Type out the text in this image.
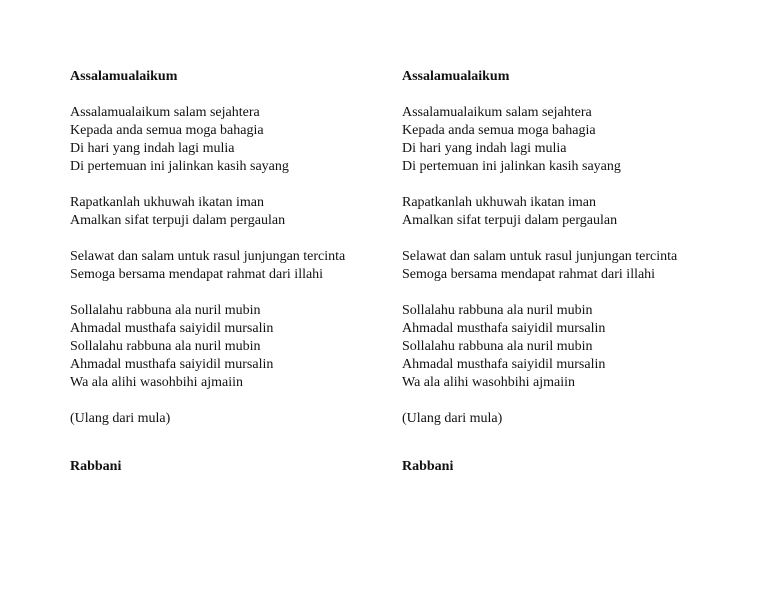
Assalamualaikum
Assalamualaikum salam sejahtera
Kepada anda semua moga bahagia
Di hari yang indah lagi mulia
Di pertemuan ini jalinkan kasih sayang
Rapatkanlah ukhuwah ikatan iman
Amalkan sifat terpuji dalam pergaulan
Selawat dan salam untuk rasul junjungan tercinta
Semoga bersama mendapat rahmat dari illahi
Sollalahu rabbuna ala nuril mubin
Ahmadal musthafa saiyidil mursalin
Sollalahu rabbuna ala nuril mubin
Ahmadal musthafa saiyidil mursalin
Wa ala alihi wasohbihi ajmaiin
(Ulang dari mula)
Rabbani
Assalamualaikum
Assalamualaikum salam sejahtera
Kepada anda semua moga bahagia
Di hari yang indah lagi mulia
Di pertemuan ini jalinkan kasih sayang
Rapatkanlah ukhuwah ikatan iman
Amalkan sifat terpuji dalam pergaulan
Selawat dan salam untuk rasul junjungan tercinta
Semoga bersama mendapat rahmat dari illahi
Sollalahu rabbuna ala nuril mubin
Ahmadal musthafa saiyidil mursalin
Sollalahu rabbuna ala nuril mubin
Ahmadal musthafa saiyidil mursalin
Wa ala alihi wasohbihi ajmaiin
(Ulang dari mula)
Rabbani
